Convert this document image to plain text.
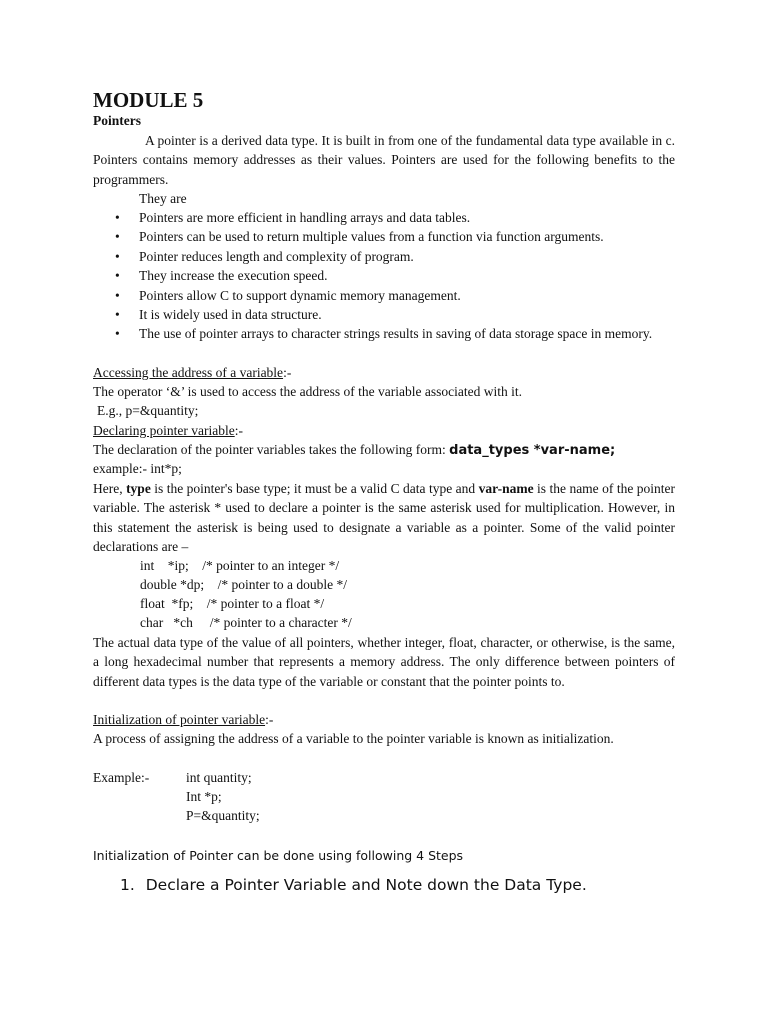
MODULE 5
Pointers
A pointer is a derived data type. It is built in from one of the fundamental data type available in c. Pointers contains memory addresses as their values. Pointers are used for the following benefits to the programmers.
They are
• Pointers are more efficient in handling arrays and data tables.
• Pointers can be used to return multiple values from a function via function arguments.
• Pointer reduces length and complexity of program.
• They increase the execution speed.
• Pointers allow C to support dynamic memory management.
• It is widely used in data structure.
• The use of pointer arrays to character strings results in saving of data storage space in memory.
Accessing the address of a variable:-
The operator ‘&’ is used to access the address of the variable associated with it.
E.g., p=&quantity;
Declaring pointer variable:-
The declaration of the pointer variables takes the following form: data_types *var-name;
example:- int*p;
Here, type is the pointer's base type; it must be a valid C data type and var-name is the name of the pointer variable. The asterisk * used to declare a pointer is the same asterisk used for multiplication. However, in this statement the asterisk is being used to designate a variable as a pointer. Some of the valid pointer declarations are –
int    *ip;    /* pointer to an integer */
double *dp;    /* pointer to a double */
float  *fp;    /* pointer to a float */
char   *ch     /* pointer to a character */
The actual data type of the value of all pointers, whether integer, float, character, or otherwise, is the same, a long hexadecimal number that represents a memory address. The only difference between pointers of different data types is the data type of the variable or constant that the pointer points to.
Initialization of pointer variable:-
A process of assigning the address of a variable to the pointer variable is known as initialization.
Example:-	int quantity;
Int *p;
P=&quantity;
Initialization of Pointer can be done using following 4 Steps
1. Declare a Pointer Variable and Note down the Data Type.
